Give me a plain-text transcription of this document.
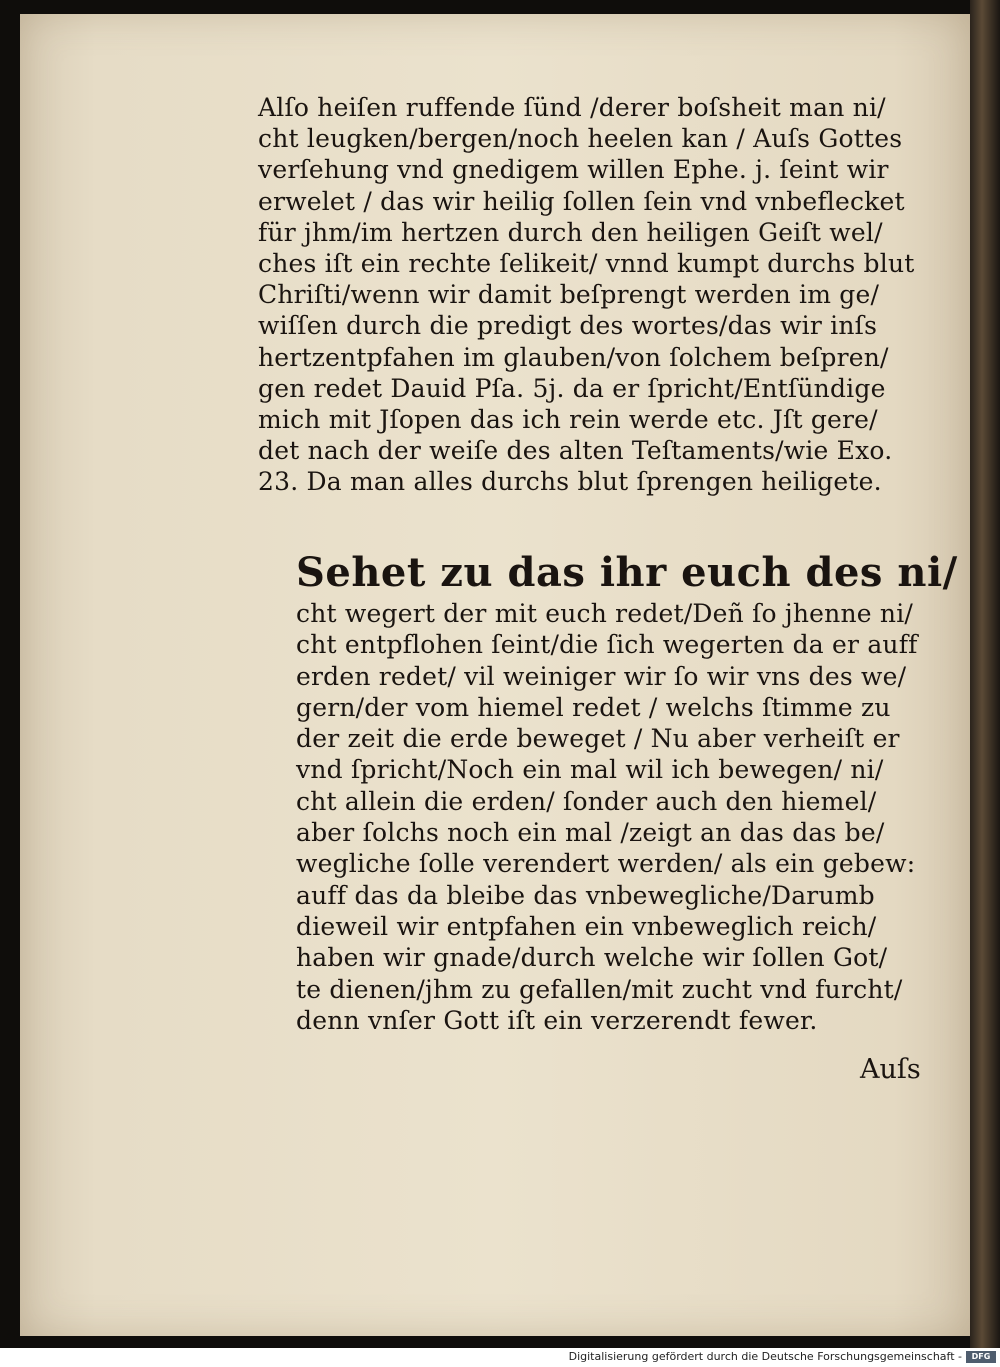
Alſo heiſen ruffende ſünd /derer boſsheit man ni/
cht leugken/bergen/noch heelen kan / Auſs Gottes
verſehung vnd gnedigem willen Ephe. j. ſeint wir
erwelet / das wir heilig ſollen ſein vnd vnbeflecket
für jhm/im hertzen durch den heiligen Geiſt wel/
ches iſt ein rechte ſelikeit/ vnnd kumpt durchs blut
Chriſti/wenn wir damit beſprengt werden im ge/
wiſſen durch die predigt des wortes/das wir inſs
hertzentpfahen im glauben/von ſolchem beſpren/
gen redet Dauid Pſa. 5j. da er ſpricht/Entſündige
mich mit Jſopen das ich rein werde etc. Jſt gere/
det nach der weiſe des alten Teſtaments/wie Exo.
23. Da man alles durchs blut ſprengen heiligete.
Sehet zu das ihr euch des ni/
cht wegert der mit euch redet/Deñ ſo jhenne ni/
cht entpflohen ſeint/die ſich wegerten da er auff
erden redet/ vil weiniger wir ſo wir vns des we/
gern/der vom hiemel redet / welchs ſtimme zu
der zeit die erde beweget / Nu aber verheiſt er
vnd ſpricht/Noch ein mal wil ich bewegen/ ni/
cht allein die erden/ ſonder auch den hiemel/
aber ſolchs noch ein mal /zeigt an das das be/
wegliche ſolle verendert werden/ als ein gebew:
auff das da bleibe das vnbewegliche/Darumb
dieweil wir entpfahen ein vnbeweglich reich/
haben wir gnade/durch welche wir ſollen Got/
te dienen/jhm zu gefallen/mit zucht vnd furcht/
denn vnſer Gott iſt ein verzerendt fewer.
Auſs
Digitalisierung gefördert durch die Deutsche Forschungsgemeinschaft -	DFG
